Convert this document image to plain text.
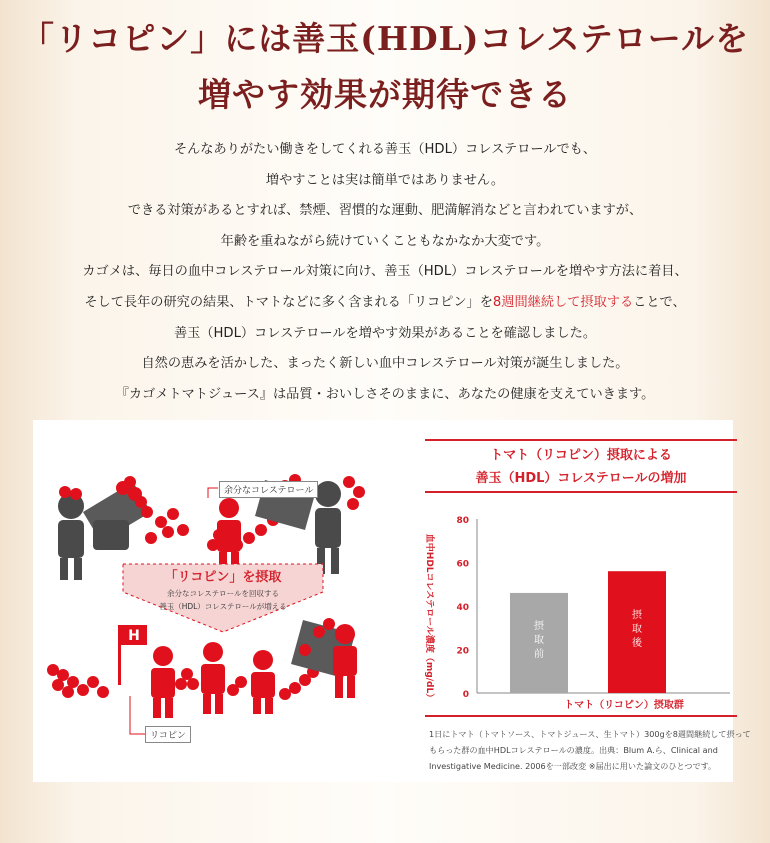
「リコピン」には善玉(HDL)コレステロールを
増やす効果が期待できる
そんなありがたい働きをしてくれる善玉（HDL）コレステロールでも、
増やすことは実は簡単ではありません。
できる対策があるとすれば、禁煙、習慣的な運動、肥満解消などと言われていますが、
年齢を重ねながら続けていくこともなかなか大変です。
カゴメは、毎日の血中コレステロール対策に向け、善玉（HDL）コレステロールを増やす方法に着目、
そして長年の研究の結果、トマトなどに多く含まれる「リコピン」を8週間継続して摂取することで、
善玉（HDL）コレステロールを増やす効果があることを確認しました。
自然の恵みを活かした、まったく新しい血中コレステロール対策が誕生しました。
『カゴメトマトジュース』は品質・おいしさそのままに、あなたの健康を支えていきます。
H
余分なコレステロール
リコピン
「リコピン」を摂取
余分なコレステロールを回収する
善玉（HDL）コレステロールが増える
トマト（リコピン）摂取による
善玉（HDL）コレステロールの増加
血中HDLコレステロール濃度（mg/dL）
トマト（リコピン）摂取群
0
20
40
60
80
摂取前
摂取後
1日にトマト（トマトソース、トマトジュース、生トマト）300gを8週間継続して摂って
もらった群の血中HDLコレステロールの濃度。出典：Blum A.ら、Clinical and
Investigative Medicine. 2006を一部改変 ※届出に用いた論文のひとつです。
